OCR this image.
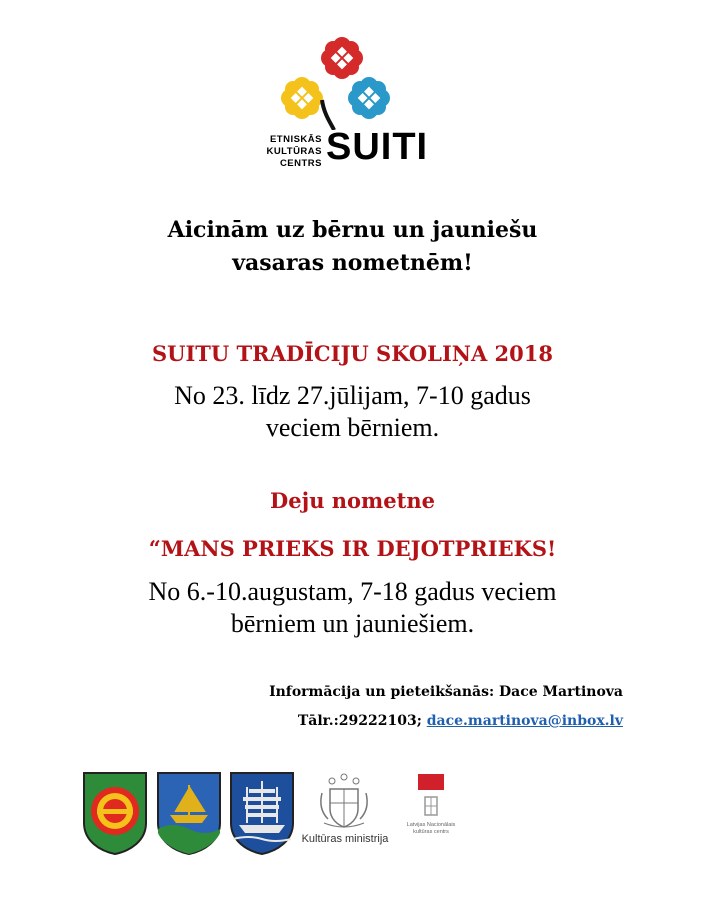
ETNISKĀS
KULTŪRAS
CENTRS SUITI
Aicinām uz bērnu un jauniešu
vasaras nometnēm!
SUITU TRADĪCIJU SKOLIŅA 2018
No 23. līdz 27.jūlijam, 7-10 gadus
veciem bērniem.
Deju nometne
“MANS PRIEKS IR DEJOTPRIEKS!
No 6.-10.augustam, 7-18 gadus veciem
bērniem un jauniešiem.
Informācija un pieteikšanās: Dace Martinova
Tālr.:29222103; dace.martinova@inbox.lv
Kultūras ministrija
Latvijas Nacionālais
kultūras centrs
